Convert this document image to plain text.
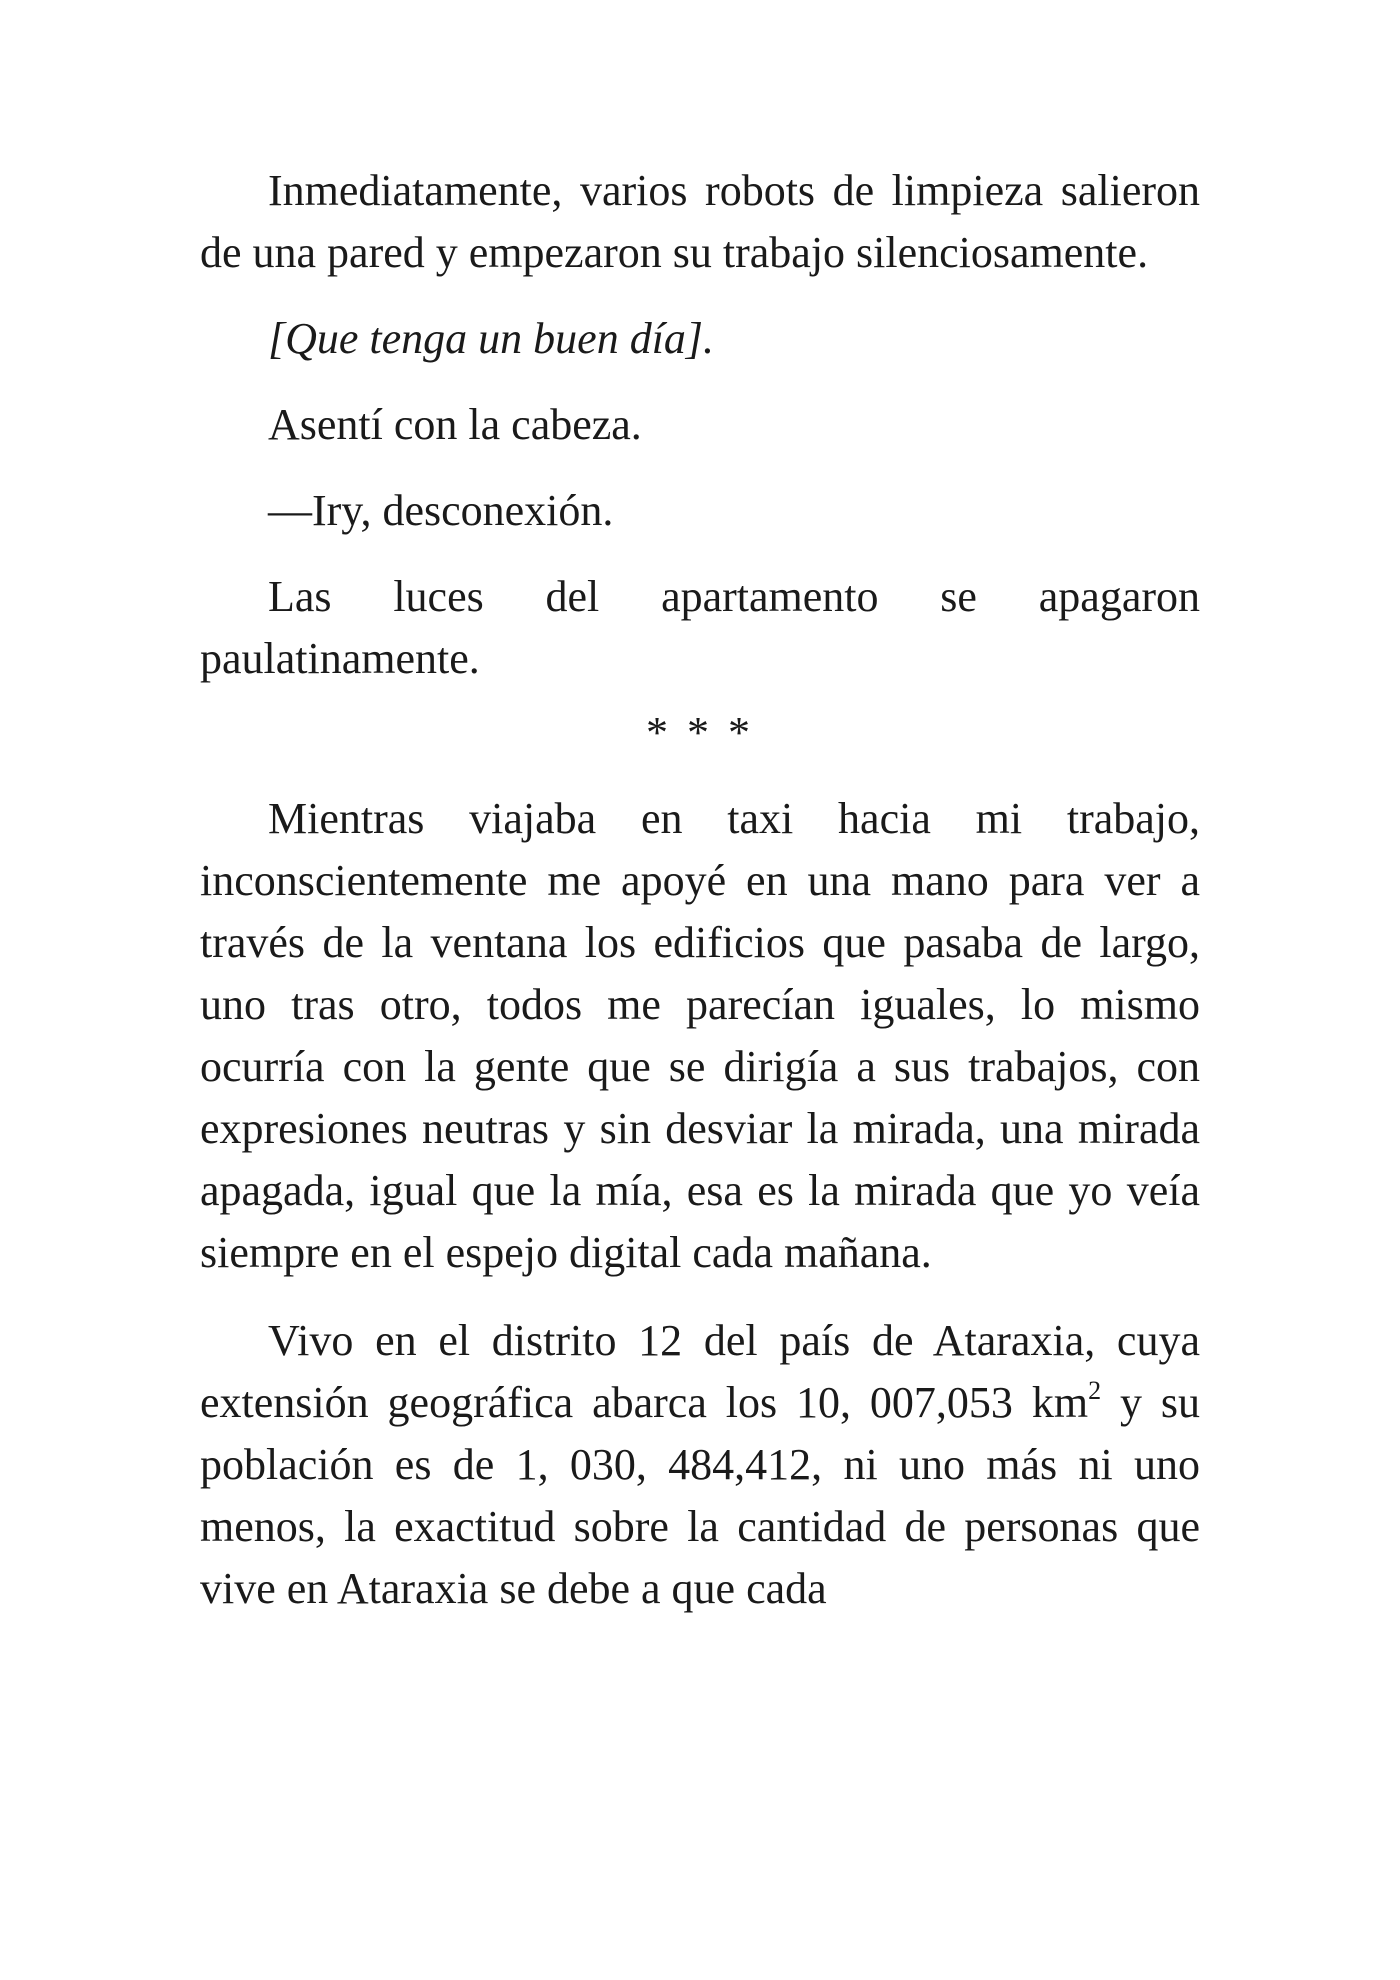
Inmediatamente, varios robots de limpieza salieron de una pared y empezaron su trabajo silenciosamente.

[Que tenga un buen día].

Asentí con la cabeza.

—Iry, desconexión.

Las luces del apartamento se apagaron paulatinamente.

* * *

Mientras viajaba en taxi hacia mi trabajo, inconscientemente me apoyé en una mano para ver a través de la ventana los edificios que pasaba de largo, uno tras otro, todos me parecían iguales, lo mismo ocurría con la gente que se dirigía a sus trabajos, con expresiones neutras y sin desviar la mirada, una mirada apagada, igual que la mía, esa es la mirada que yo veía siempre en el espejo digital cada mañana.

Vivo en el distrito 12 del país de Ataraxia, cuya extensión geográfica abarca los 10, 007,053 $km^2$ y su población es de 1, 030, 484,412, ni uno más ni uno menos, la exactitud sobre la cantidad de personas que vive en Ataraxia se debe a que cada
